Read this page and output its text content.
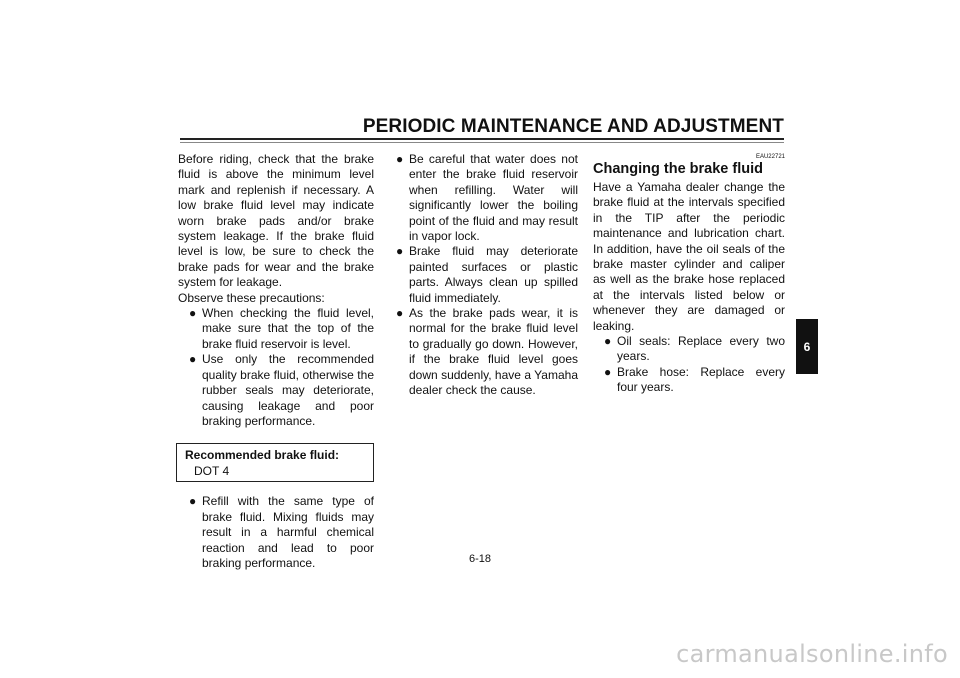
PERIODIC MAINTENANCE AND ADJUSTMENT

Before riding, check that the brake fluid is above the minimum level mark and replenish if necessary. A low brake fluid level may indicate worn brake pads and/or brake system leakage. If the brake fluid level is low, be sure to check the brake pads for wear and the brake system for leakage.

Observe these precautions:

● When checking the fluid level, make sure that the top of the brake fluid reservoir is level.
● Use only the recommended quality brake fluid, otherwise the rubber seals may deteriorate, causing leakage and poor braking performance.
Recommended brake fluid:
DOT 4
● Refill with the same type of brake fluid. Mixing fluids may result in a harmful chemical reaction and lead to poor braking performance.
● Be careful that water does not enter the brake fluid reservoir when refilling. Water will significantly lower the boiling point of the fluid and may result in vapor lock.
● Brake fluid may deteriorate painted surfaces or plastic parts. Always clean up spilled fluid immediately.
● As the brake pads wear, it is normal for the brake fluid level to gradually go down. However, if the brake fluid level goes down suddenly, have a Yamaha dealer check the cause.
EAU22721
Changing the brake fluid

Have a Yamaha dealer change the brake fluid at the intervals specified in the TIP after the periodic maintenance and lubrication chart. In addition, have the oil seals of the brake master cylinder and caliper as well as the brake hose replaced at the intervals listed below or whenever they are damaged or leaking.

● Oil seals: Replace every two years.
● Brake hose: Replace every four years.
6
6-18
carmanualsonline.info
